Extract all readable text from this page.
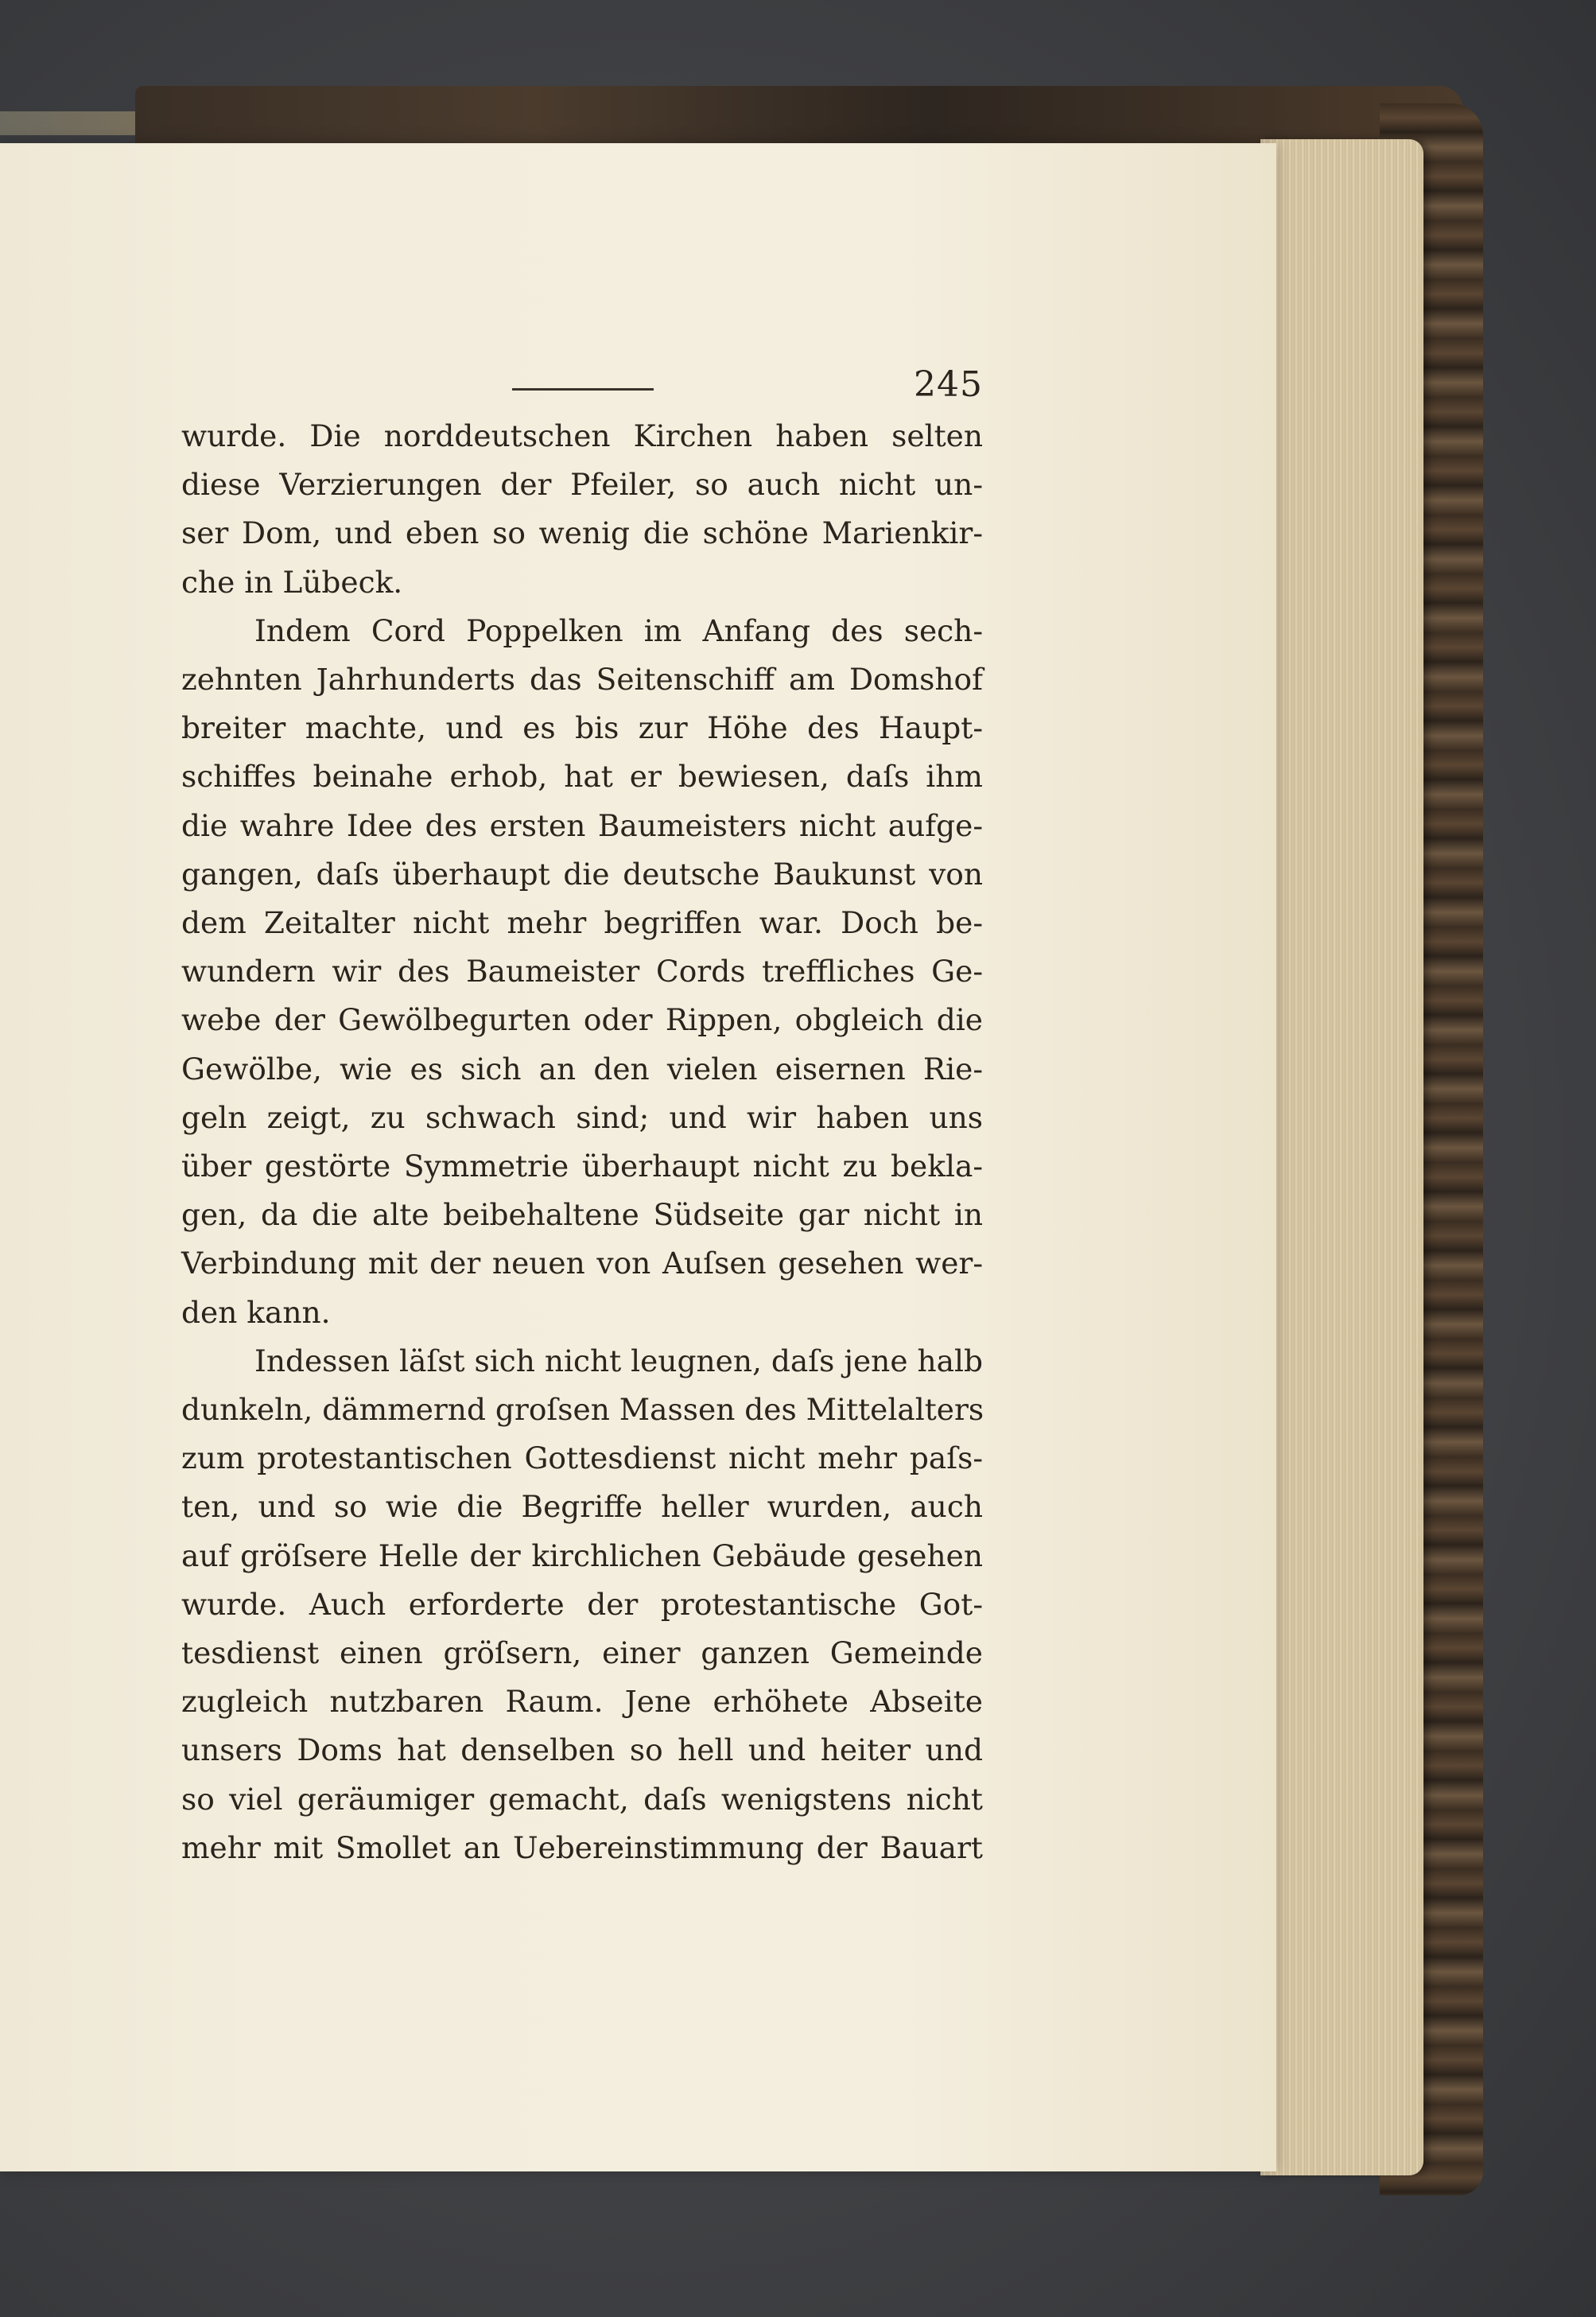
245
wurde. Die norddeutschen Kirchen haben selten
diese Verzierungen der Pfeiler, so auch nicht un-
ser Dom, und eben so wenig die schöne Marienkir-
che in Lübeck.
Indem Cord Poppelken im Anfang des sech-
zehnten Jahrhunderts das Seitenschiff am Domshof
breiter machte, und es bis zur Höhe des Haupt-
schiffes beinahe erhob, hat er bewiesen, daſs ihm
die wahre Idee des ersten Baumeisters nicht aufge-
gangen, daſs überhaupt die deutsche Baukunst von
dem Zeitalter nicht mehr begriffen war. Doch be-
wundern wir des Baumeister Cords treffliches Ge-
webe der Gewölbegurten oder Rippen, obgleich die
Gewölbe, wie es sich an den vielen eisernen Rie-
geln zeigt, zu schwach sind; und wir haben uns
über gestörte Symmetrie überhaupt nicht zu bekla-
gen, da die alte beibehaltene Südseite gar nicht in
Verbindung mit der neuen von Auſsen gesehen wer-
den kann.
Indessen läſst sich nicht leugnen, daſs jene halb
dunkeln, dämmernd groſsen Massen des Mittelalters
zum protestantischen Gottesdienst nicht mehr paſs-
ten, und so wie die Begriffe heller wurden, auch
auf gröſsere Helle der kirchlichen Gebäude gesehen
wurde. Auch erforderte der protestantische Got-
tesdienst einen gröſsern, einer ganzen Gemeinde
zugleich nutzbaren Raum. Jene erhöhete Abseite
unsers Doms hat denselben so hell und heiter und
so viel geräumiger gemacht, daſs wenigstens nicht
mehr mit Smollet an Uebereinstimmung der Bauart
